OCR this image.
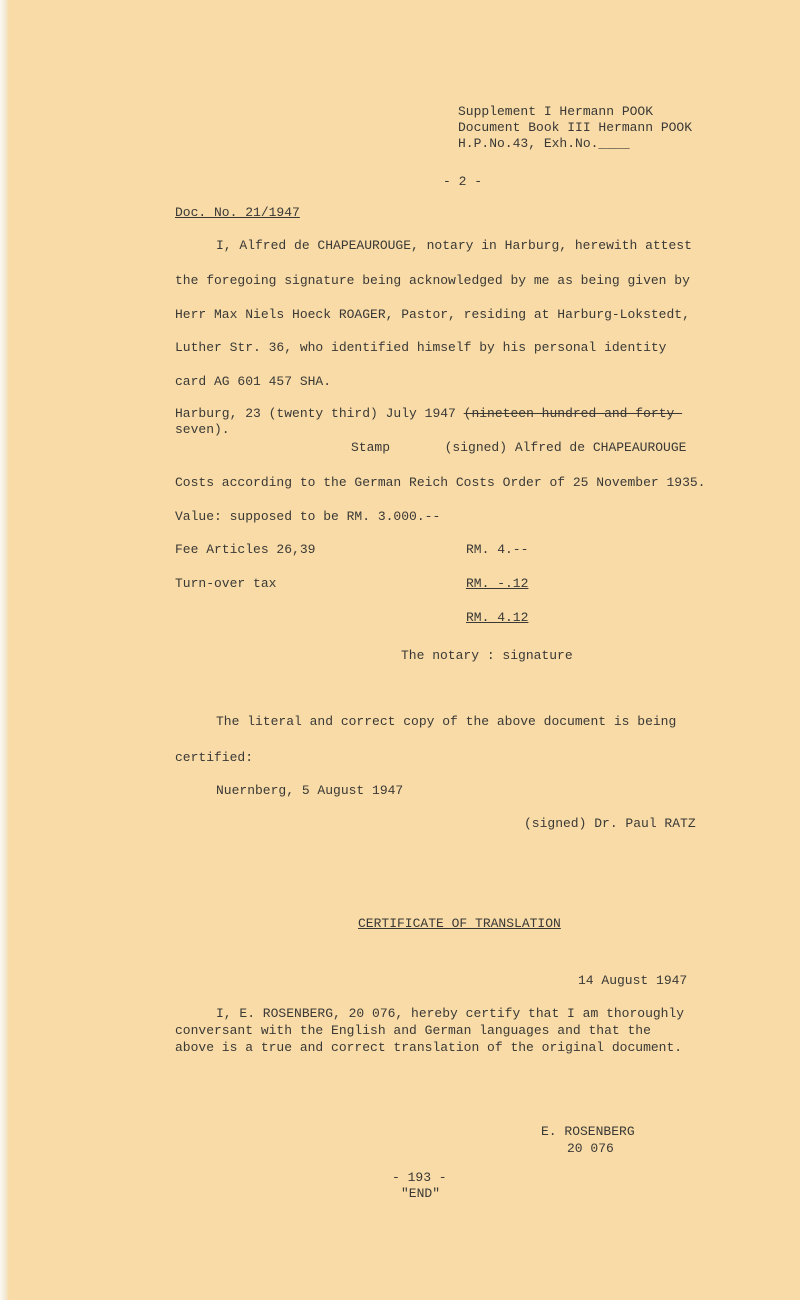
Supplement I Hermann POOK
Document Book III Hermann POOK
H.P.No.43, Exh.No.____
- 2 -
Doc. No. 21/1947
I, Alfred de CHAPEAUROUGE, notary in Harburg, herewith attest
the foregoing signature being acknowledged by me as being given by
Herr Max Niels Hoeck ROAGER, Pastor, residing at Harburg-Lokstedt,
Luther Str. 36, who identified himself by his personal identity
card AG 601 457 SHA.
Harburg, 23 (twenty third) July 1947 (nineteen hundred and forty-
seven).
Stamp       (signed) Alfred de CHAPEAUROUGE
Costs according to the German Reich Costs Order of 25 November 1935.
Value: supposed to be RM. 3.000.--
Fee Articles 26,39	RM. 4.--
Turn-over tax	RM. -.12
RM. 4.12
The notary : signature
The literal and correct copy of the above document is being
certified:
Nuernberg, 5 August 1947
(signed) Dr. Paul RATZ
CERTIFICATE OF TRANSLATION
14 August 1947
I, E. ROSENBERG, 20 076, hereby certify that I am thoroughly
conversant with the English and German languages and that the
above is a true and correct translation of the original document.
E. ROSENBERG
20 076
- 193 -
"END"
